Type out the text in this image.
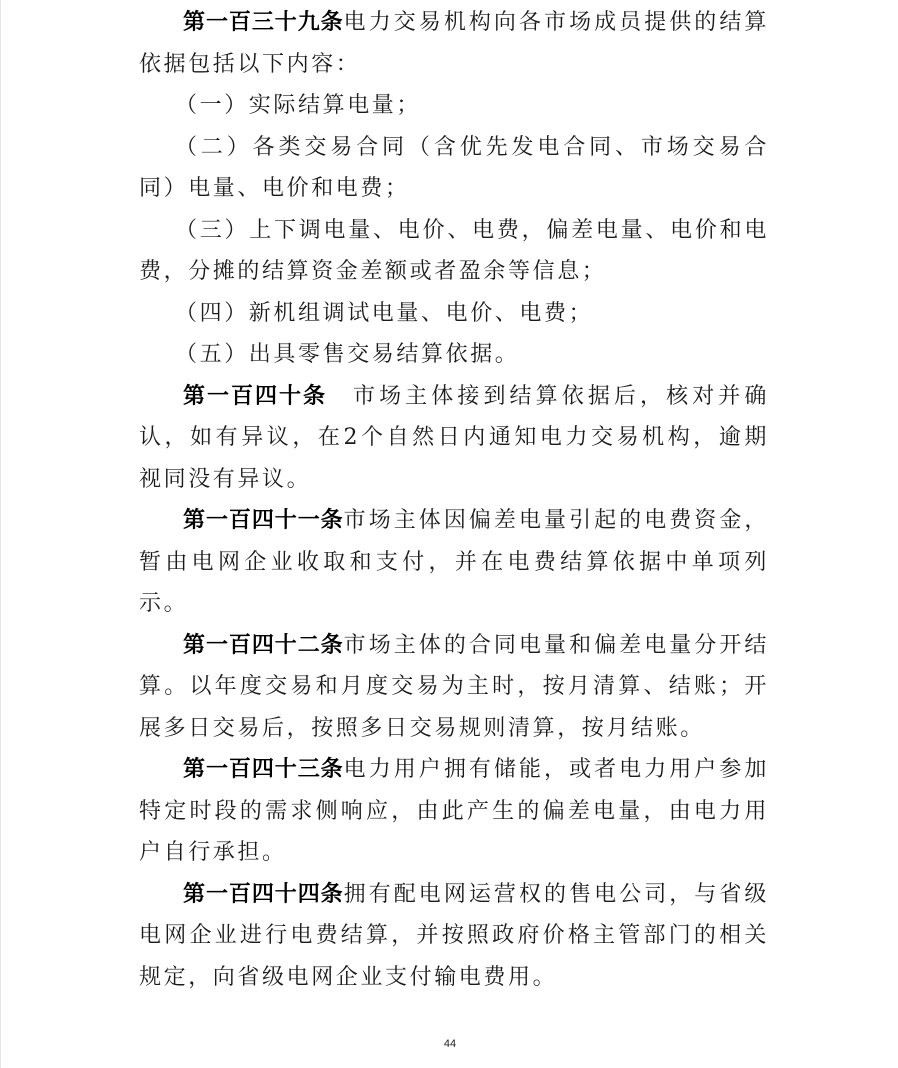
第一百三十九条电力交易机构向各市场成员提供的结算依据包括以下内容：

（一）实际结算电量；

（二）各类交易合同（含优先发电合同、市场交易合同）电量、电价和电费；

（三）上下调电量、电价、电费，偏差电量、电价和电费，分摊的结算资金差额或者盈余等信息；

（四）新机组调试电量、电价、电费；

（五）出具零售交易结算依据。

第一百四十条 市场主体接到结算依据后，核对并确认，如有异议，在2个自然日内通知电力交易机构，逾期视同没有异议。

第一百四十一条市场主体因偏差电量引起的电费资金，暂由电网企业收取和支付，并在电费结算依据中单项列示。

第一百四十二条市场主体的合同电量和偏差电量分开结算。以年度交易和月度交易为主时，按月清算、结账；开展多日交易后，按照多日交易规则清算，按月结账。

第一百四十三条电力用户拥有储能，或者电力用户参加特定时段的需求侧响应，由此产生的偏差电量，由电力用户自行承担。

第一百四十四条拥有配电网运营权的售电公司，与省级电网企业进行电费结算，并按照政府价格主管部门的相关规定，向省级电网企业支付输电费用。

44
